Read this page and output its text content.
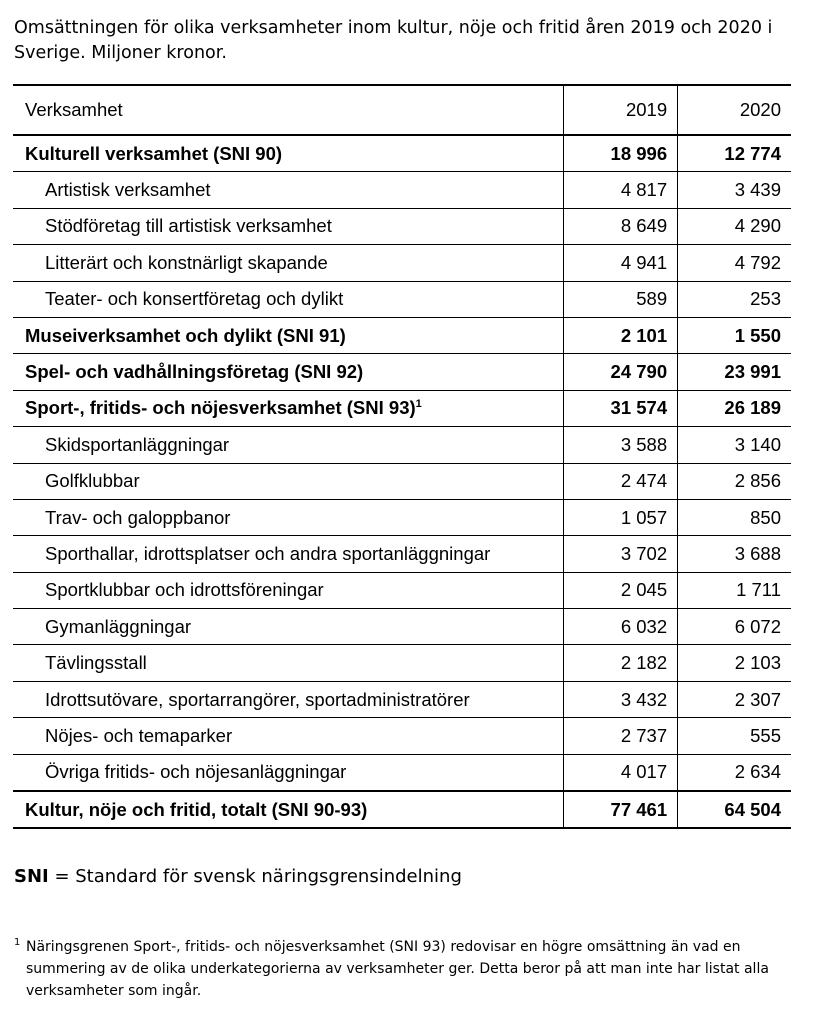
Omsättningen för olika verksamheter inom kultur, nöje och fritid åren 2019 och 2020 i Sverige. Miljoner kronor.
Verksamhet	2019	2020
Kulturell verksamhet (SNI 90)	18 996	12 774
Artistisk verksamhet	4 817	3 439
Stödföretag till artistisk verksamhet	8 649	4 290
Litterärt och konstnärligt skapande	4 941	4 792
Teater- och konsertföretag och dylikt	589	253
Museiverksamhet och dylikt (SNI 91)	2 101	1 550
Spel- och vadhållningsföretag (SNI 92)	24 790	23 991
Sport-, fritids- och nöjesverksamhet (SNI 93)$^1$	31 574	26 189
Skidsportanläggningar	3 588	3 140
Golfklubbar	2 474	2 856
Trav- och galoppbanor	1 057	850
Sporthallar, idrottsplatser och andra sportanläggningar	3 702	3 688
Sportklubbar och idrottsföreningar	2 045	1 711
Gymanläggningar	6 032	6 072
Tävlingsstall	2 182	2 103
Idrottsutövare, sportarrangörer, sportadministratörer	3 432	2 307
Nöjes- och temaparker	2 737	555
Övriga fritids- och nöjesanläggningar	4 017	2 634
Kultur, nöje och fritid, totalt (SNI 90-93)	77 461	64 504
SNI = Standard för svensk näringsgrensindelning
1 Näringsgrenen Sport-, fritids- och nöjesverksamhet (SNI 93) redovisar en högre omsättning än vad en summering av de olika underkategorierna av verksamheter ger. Detta beror på att man inte har listat alla verksamheter som ingår.
